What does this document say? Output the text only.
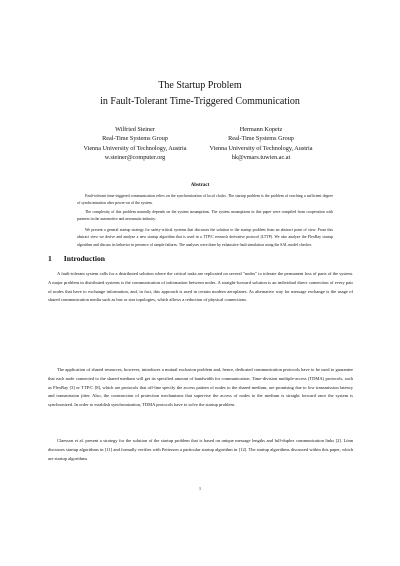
The Startup Problem
in Fault-Tolerant Time-Triggered Communication
Wilfried Steiner
Real-Time Systems Group
Vienna University of Technology, Austria
w.steiner@computer.org
Hermann Kopetz
Real-Time Systems Group
Vienna University of Technology, Austria
hk@vmars.tuwien.ac.at
Abstract

Fault-tolerant time-triggered communication relies on the synchronization of local clocks. The startup problem is the problem of reaching a sufficient degree of synchronization after power-on of the system.

The complexity of this problem naturally depends on the system assumptions. The system assumptions in this paper were compiled from cooperation with partners in the automotive and aeronautic industry.

We present a general startup strategy for safety-critical systems that discusses the solution to the startup problem from an abstract point of view. From this abstract view we derive and analyze a new startup algorithm that is used in a TTP/C research derivative protocol (LTTP). We also analyze the FlexRay startup algorithm and discuss its behavior in presence of simple failures. The analyses were done by exhaustive fault simulation using the SAL model checker.

1 Introduction

A fault-tolerant system calls for a distributed solution where the critical tasks are replicated on several "nodes" to tolerate the permanent loss of parts of the system. A major problem in distributed systems is the communication of information between nodes. A straight-forward solution is an individual direct connection of every pair of nodes that have to exchange information, and, in fact, this approach is used in certain modern aeroplanes. As alternative way for message exchange is the usage of shared communication media such as bus or star topologies, which allows a reduction of physical connections.

The application of shared resources, however, introduces a mutual exclusion problem and, hence, dedicated communication protocols have to be used to guarantee that each node connected to the shared medium will get its specified amount of bandwidth for communication. Time-division multiple-access (TDMA) protocols, such as FlexRay [3] or TTP/C [8], which are protocols that off-line specify the access pattern of nodes to the shared medium, are promising due to low transmission latency and transmission jitter. Also, the construction of protection mechanisms that supervise the access of nodes to the medium is straight forward once the system is synchronized. In order to establish synchronization, TDMA protocols have to solve the startup problem.

Claesson et al. present a strategy for the solution of the startup problem that is based on unique message lengths and full-duplex communication links [2]. Lönn discusses startup algorithms in [11] and formally verifies with Petterson a particular startup algorithm in [12]. The startup algorithms discussed within this paper, which are startup algorithms

1
